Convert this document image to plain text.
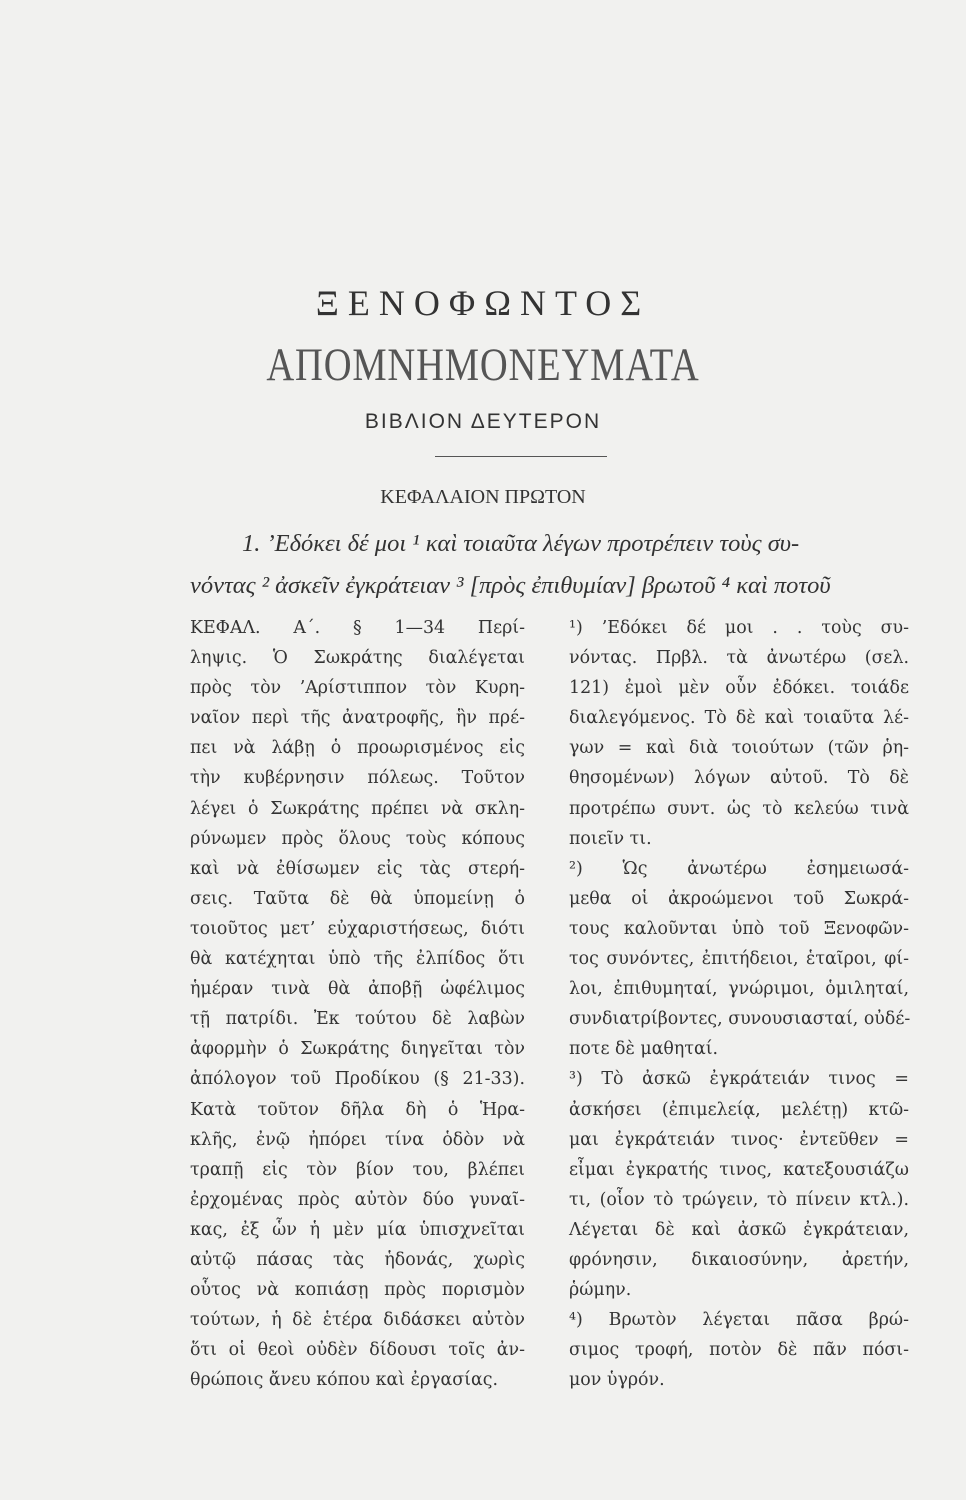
ΞΕΝΟΦΩΝΤΟΣ
ΑΠΟΜΝΗΜΟΝΕΥΜΑΤΑ
ΒΙΒΛΙΟΝ ΔΕΥΤΕΡΟΝ
ΚΕΦΑΛΑΙΟΝ ΠΡΩΤΟΝ
1. ’Εδόκει δέ μοι ¹ καὶ τοιαῦτα λέγων προτρέπειν τοὺς συ-
νόντας ² ἀσκεῖν ἐγκράτειαν ³ [πρὸς ἐπιθυμίαν] βρωτοῦ ⁴ καὶ ποτοῦ
ΚΕΦΑΛ. Α΄. § 1—34 Περί-
ληψις. Ὁ Σωκράτης διαλέγεται
πρὸς τὸν ’Αρίστιππον τὸν Κυρη-
ναῖον περὶ τῆς ἀνατροφῆς, ἣν πρέ-
πει νὰ λάβῃ ὁ προωρισμένος εἰς
τὴν κυβέρνησιν πόλεως. Τοῦτον
λέγει ὁ Σωκράτης πρέπει νὰ σκλη-
ρύνωμεν πρὸς ὅλους τοὺς κόπους
καὶ νὰ ἐθίσωμεν εἰς τὰς στερή-
σεις. Ταῦτα δὲ θὰ ὑπομείνῃ ὁ
τοιοῦτος μετ’ εὐχαριστήσεως, διότι
θὰ κατέχηται ὑπὸ τῆς ἐλπίδος ὅτι
ἡμέραν τινὰ θὰ ἀποβῇ ὠφέλιμος
τῇ πατρίδι. Ἐκ τούτου δὲ λαβὼν
ἀφορμὴν ὁ Σωκράτης διηγεῖται τὸν
ἀπόλογον τοῦ Προδίκου (§ 21-33).
Κατὰ τοῦτον δῆλα δὴ ὁ Ἡρα-
κλῆς, ἐνῷ ἠπόρει τίνα ὁδὸν νὰ
τραπῇ εἰς τὸν βίον του, βλέπει
ἐρχομένας πρὸς αὐτὸν δύο γυναῖ-
κας, ἐξ ὧν ἡ μὲν μία ὑπισχνεῖται
αὐτῷ πάσας τὰς ἡδονάς, χωρὶς
οὗτος νὰ κοπιάσῃ πρὸς πορισμὸν
τούτων, ἡ δὲ ἑτέρα διδάσκει αὐτὸν
ὅτι οἱ θεοὶ οὐδὲν δίδουσι τοῖς ἀν-
θρώποις ἄνευ κόπου καὶ ἐργασίας.
¹) ’Εδόκει δέ μοι . . τοὺς συ-
νόντας. Πρβλ. τὰ ἀνωτέρω (σελ.
121) ἐμοὶ μὲν οὖν ἐδόκει. τοιάδε
διαλεγόμενος. Τὸ δὲ καὶ τοιαῦτα λέ-
γων = καὶ διὰ τοιούτων (τῶν ῥη-
θησομένων) λόγων αὐτοῦ. Τὸ δὲ
προτρέπω συντ. ὡς τὸ κελεύω τινὰ
ποιεῖν τι.
²) Ὡς ἀνωτέρω ἐσημειωσά-
μεθα οἱ ἀκροώμενοι τοῦ Σωκρά-
τους καλοῦνται ὑπὸ τοῦ Ξενοφῶν-
τος συνόντες, ἐπιτήδειοι, ἑταῖροι, φί-
λοι, ἐπιθυμηταί, γνώριμοι, ὁμιληταί,
συνδιατρίβοντες, συνουσιασταί, οὐδέ-
ποτε δὲ μαθηταί.
³) Τὸ ἀσκῶ ἐγκράτειάν τινος =
ἀσκήσει (ἐπιμελείᾳ, μελέτῃ) κτῶ-
μαι ἐγκράτειάν τινος· ἐντεῦθεν =
εἶμαι ἐγκρατής τινος, κατεξουσιάζω
τι, (οἷον τὸ τρώγειν, τὸ πίνειν κτλ.).
Λέγεται δὲ καὶ ἀσκῶ ἐγκράτειαν,
φρόνησιν, δικαιοσύνην, ἀρετήν,
ῥώμην.
⁴) Βρωτὸν λέγεται πᾶσα βρώ-
σιμος τροφή, ποτὸν δὲ πᾶν πόσι-
μον ὑγρόν.
